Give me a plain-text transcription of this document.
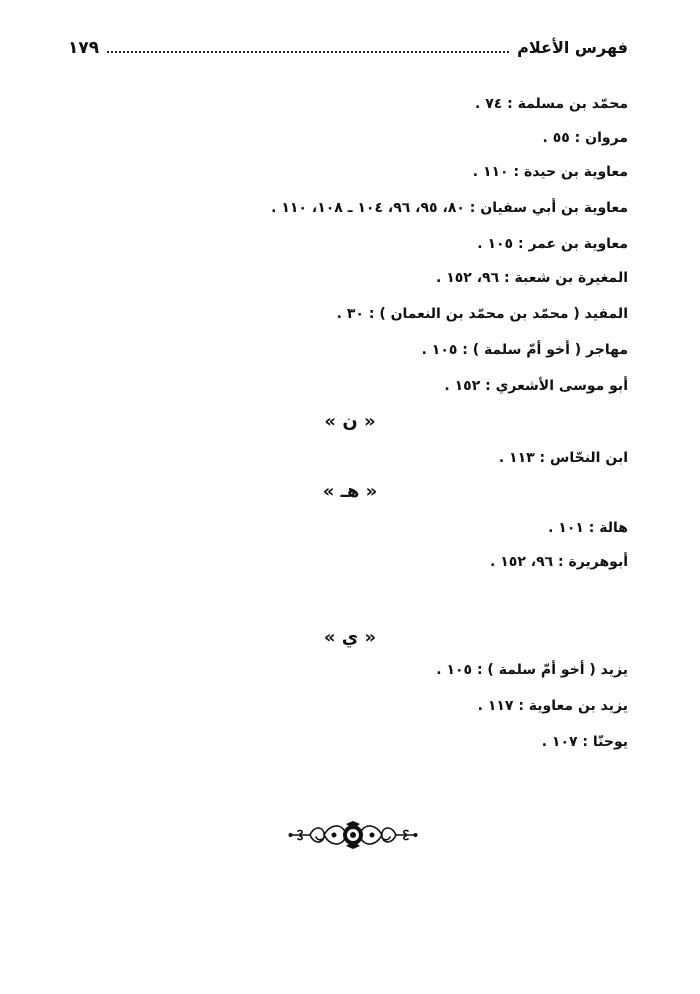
فهرس الأعلام
١٧٩
محمّد بن مسلمة : ٧٤ .
مروان : ٥٥ .
معاوية بن حيدة : ١١٠ .
معاوية بن أبي سفيان : ٨٠، ٩٥، ٩٦، ١٠٤ ـ ١٠٨، ١١٠ .
معاوية بن عمر : ١٠٥ .
المغيرة بن شعبة : ٩٦، ١٥٢ .
المفيد ( محمّد بن محمّد بن النعمان ) : ٣٠ .
مهاجر ( أخو أمّ سلمة ) : ١٠٥ .
أبو موسى الأشعري : ١٥٢ .
« ن »
ابن النحّاس : ١١٣ .
« هـ »
هالة : ١٠١ .
أبوهريرة : ٩٦، ١٥٢ .
« ي »
يزيد ( أخو أمّ سلمة ) : ١٠٥ .
يزيد بن معاوية : ١١٧ .
يوحنّا : ١٠٧ .
